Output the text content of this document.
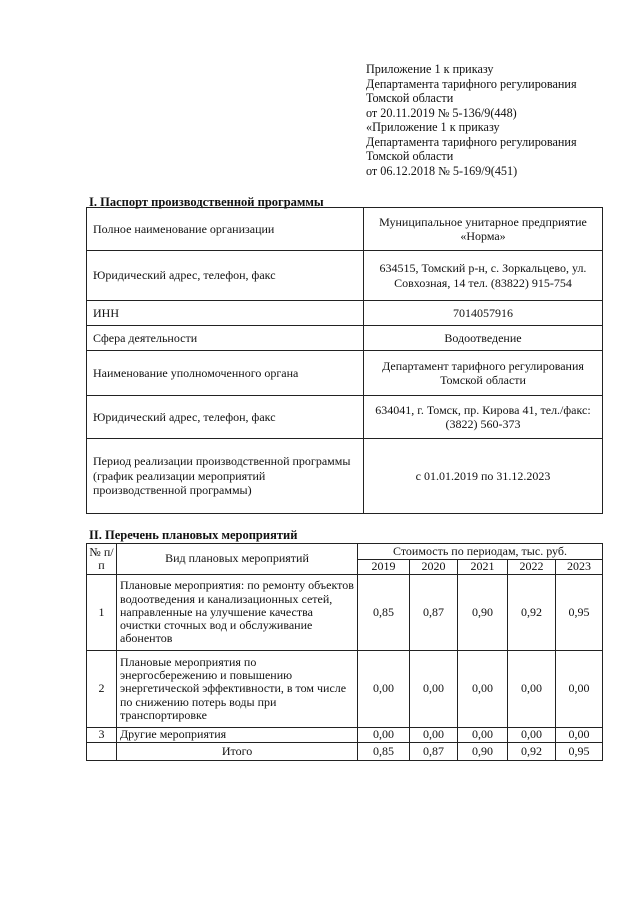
Приложение 1 к приказу
Департамента тарифного регулирования
Томской области
от 20.11.2019 № 5-136/9(448)
«Приложение 1 к приказу
Департамента тарифного регулирования
Томской области
от 06.12.2018 № 5-169/9(451)
I. Паспорт производственной программы
Полное наименование организации	Муниципальное унитарное предприятие «Норма»
Юридический адрес, телефон, факс	634515, Томский р-н, с. Зоркальцево, ул. Совхозная, 14 тел. (83822) 915-754
ИНН	7014057916
Сфера деятельности	Водоотведение
Наименование уполномоченного органа	Департамент тарифного регулирования Томской области
Юридический адрес, телефон, факс	634041, г. Томск, пр. Кирова 41, тел./факс: (3822) 560-373
Период реализации производственной программы (график реализации мероприятий производственной программы)	с 01.01.2019 по 31.12.2023
II. Перечень плановых мероприятий
№ п/п	Вид плановых мероприятий	Стоимость по периодам, тыс. руб.				
		2019	2020	2021	2022	2023
1	Плановые мероприятия: по ремонту объектов водоотведения и канализационных сетей, направленные на улучшение качества очистки сточных вод и обслуживание абонентов	0,85	0,87	0,90	0,92	0,95
2	Плановые мероприятия по энергосбережению и повышению энергетической эффективности, в том числе по снижению потерь воды при транспортировке	0,00	0,00	0,00	0,00	0,00
3	Другие мероприятия	0,00	0,00	0,00	0,00	0,00
	Итого	0,85	0,87	0,90	0,92	0,95
